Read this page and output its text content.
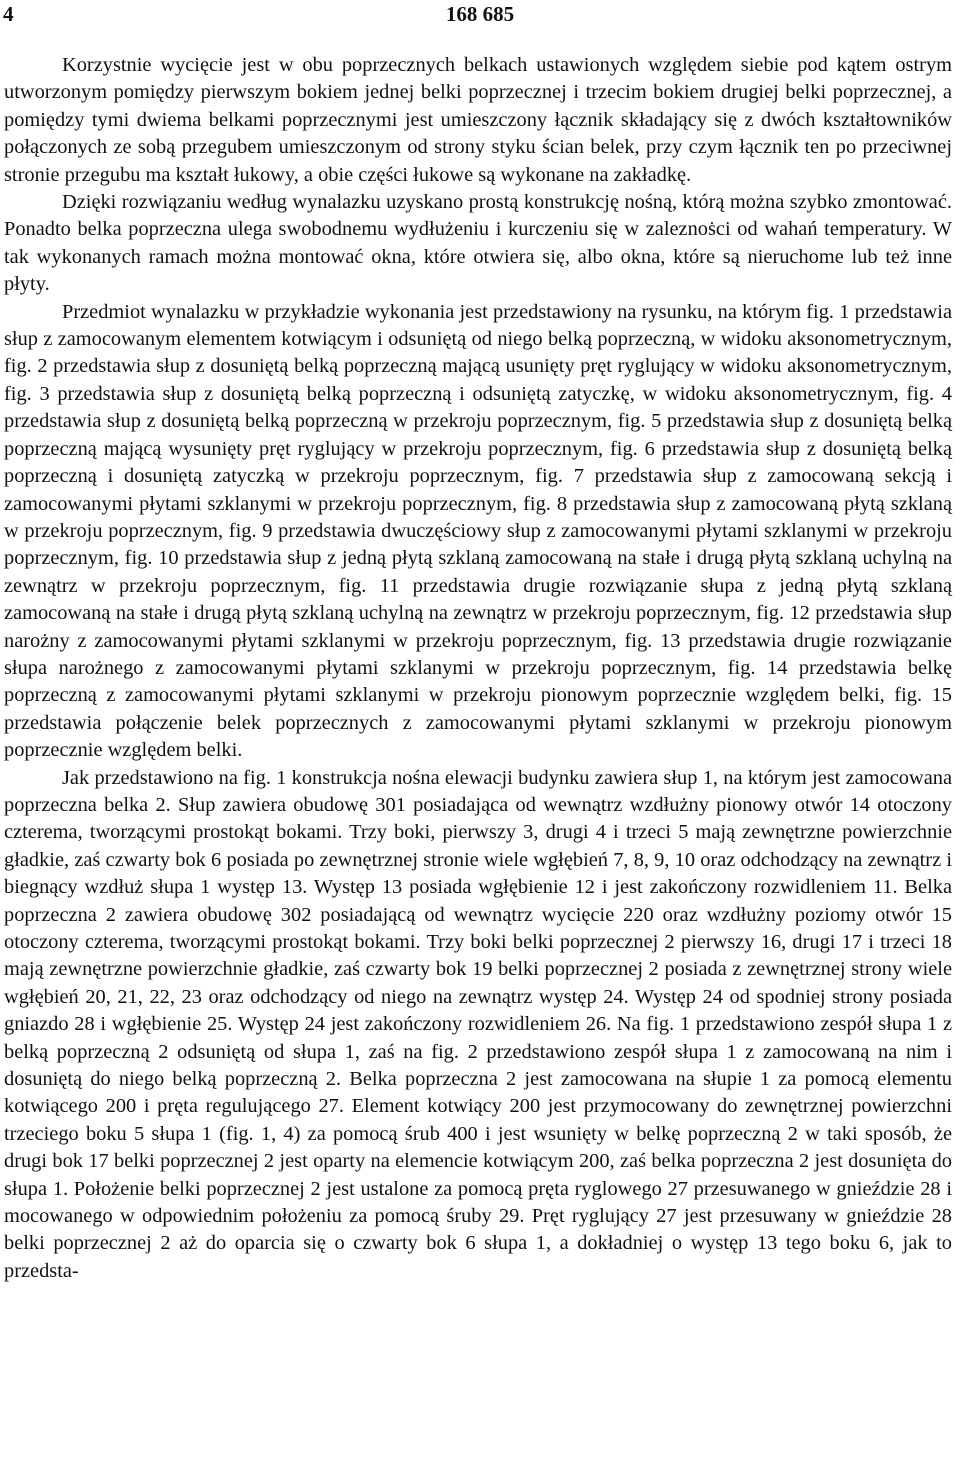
4	168 685

Korzystnie wycięcie jest w obu poprzecznych belkach ustawionych względem siebie pod kątem ostrym utworzonym pomiędzy pierwszym bokiem jednej belki poprzecznej i trzecim bokiem drugiej belki poprzecznej, a pomiędzy tymi dwiema belkami poprzecznymi jest umieszczony łącznik składający się z dwóch kształtowników połączonych ze sobą przegubem umieszczonym od strony styku ścian belek, przy czym łącznik ten po przeciwnej stronie przegubu ma kształt łukowy, a obie części łukowe są wykonane na zakładkę.

Dzięki rozwiązaniu według wynalazku uzyskano prostą konstrukcję nośną, którą można szybko zmontować. Ponadto belka poprzeczna ulega swobodnemu wydłużeniu i kurczeniu się w zaleznoṡci od wahań temperatury. W tak wykonanych ramach można montować okna, które otwiera się, albo okna, które są nieruchome lub też inne płyty.

Przedmiot wynalazku w przykładzie wykonania jest przedstawiony na rysunku, na którym fig. 1 przedstawia słup z zamocowanym elementem kotwiącym i odsuniętą od niego belką poprzeczną, w widoku aksonometrycznym, fig. 2 przedstawia słup z dosuniętą belką poprzeczną mającą usunięty pręt ryglujący w widoku aksonometrycznym, fig. 3 przedstawia słup z dosuniętą belką poprzeczną i odsuniętą zatyczkę, w widoku aksonometrycznym, fig. 4 przedstawia słup z dosuniętą belką poprzeczną w przekroju poprzecznym, fig. 5 przedstawia słup z dosuniętą belką poprzeczną mającą wysunięty pręt ryglujący w przekroju poprzecznym, fig. 6 przedstawia słup z dosuniętą belką poprzeczną i dosuniętą zatyczką w przekroju poprzecznym, fig. 7 przedstawia słup z zamocowaną sekcją i zamocowanymi płytami szklanymi w przekroju poprzecznym, fig. 8 przedstawia słup z zamocowaną płytą szklaną w przekroju poprzecznym, fig. 9 przedstawia dwuczęściowy słup z zamocowanymi płytami szklanymi w przekroju poprzecznym, fig. 10 przedstawia słup z jedną płytą szklaną zamocowaną na stałe i drugą płytą szklaną uchylną na zewnątrz w przekroju poprzecznym, fig. 11 przedstawia drugie rozwiązanie słupa z jedną płytą szklaną zamocowaną na stałe i drugą płytą szklaną uchylną na zewnątrz w przekroju poprzecznym, fig. 12 przedstawia słup narożny z zamocowanymi płytami szklanymi w przekroju poprzecznym, fig. 13 przedstawia drugie rozwiązanie słupa narożnego z zamocowanymi płytami szklanymi w przekroju poprzecznym, fig. 14 przedstawia belkę poprzeczną z zamocowanymi płytami szklanymi w przekroju pionowym poprzecznie względem belki, fig. 15 przedstawia połączenie belek poprzecznych z zamocowanymi płytami szklanymi w przekroju pionowym poprzecznie względem belki.

Jak przedstawiono na fig. 1 konstrukcja nośna elewacji budynku zawiera słup 1, na którym jest zamocowana poprzeczna belka 2. Słup zawiera obudowę 301 posiadająca od wewnątrz wzdłużny pionowy otwór 14 otoczony czterema, tworzącymi prostokąt bokami. Trzy boki, pierwszy 3, drugi 4 i trzeci 5 mają zewnętrzne powierzchnie gładkie, zaś czwarty bok 6 posiada po zewnętrznej stronie wiele wgłębień 7, 8, 9, 10 oraz odchodzący na zewnątrz i biegnący wzdłuż słupa 1 występ 13. Występ 13 posiada wgłębienie 12 i jest zakończony rozwidleniem 11. Belka poprzeczna 2 zawiera obudowę 302 posiadającą od wewnątrz wycięcie 220 oraz wzdłużny poziomy otwór 15 otoczony czterema, tworzącymi prostokąt bokami. Trzy boki belki poprzecznej 2 pierwszy 16, drugi 17 i trzeci 18 mają zewnętrzne powierzchnie gładkie, zaś czwarty bok 19 belki poprzecznej 2 posiada z zewnętrznej strony wiele wgłębień 20, 21, 22, 23 oraz odchodzący od niego na zewnątrz występ 24. Występ 24 od spodniej strony posiada gniazdo 28 i wgłębienie 25. Występ 24 jest zakończony rozwidleniem 26. Na fig. 1 przedstawiono zespół słupa 1 z belką poprzeczną 2 odsuniętą od słupa 1, zaś na fig. 2 przedstawiono zespół słupa 1 z zamocowaną na nim i dosuniętą do niego belką poprzeczną 2. Belka poprzeczna 2 jest zamocowana na słupie 1 za pomocą elementu kotwiącego 200 i pręta regulującego 27. Element kotwiący 200 jest przymocowany do zewnętrznej powierzchni trzeciego boku 5 słupa 1 (fig. 1, 4) za pomocą śrub 400 i jest wsunięty w belkę poprzeczną 2 w taki sposób, że drugi bok 17 belki poprzecznej 2 jest oparty na elemencie kotwiącym 200, zaś belka poprzeczna 2 jest dosunięta do słupa 1. Położenie belki poprzecznej 2 jest ustalone za pomocą pręta ryglowego 27 przesuwanego w gnieździe 28 i mocowanego w odpowiednim położeniu za pomocą śruby 29. Pręt ryglujący 27 jest przesuwany w gnieździe 28 belki poprzecznej 2 aż do oparcia się o czwarty bok 6 słupa 1, a dokładniej o występ 13 tego boku 6, jak to przedsta-
